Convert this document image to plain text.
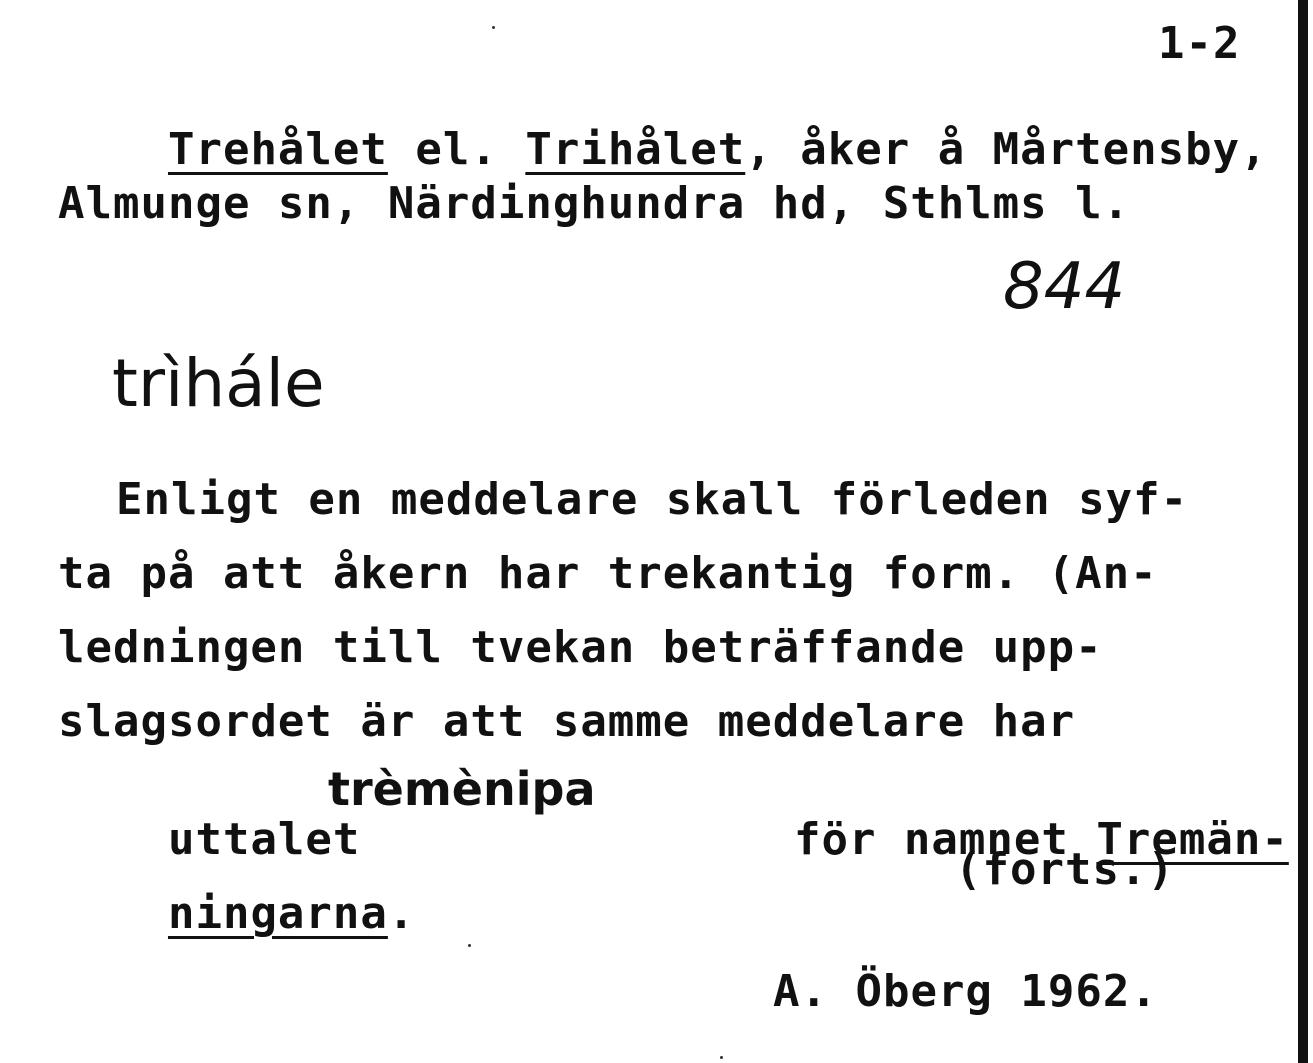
1-2

Trehålet el. Trihålet, åker å Mårtensby,

Almunge sn, Närdinghundra hd, Sthlms l.
844
trìhále
Enligt en meddelare skall förleden syf-
ta på att åkern har trekantig form. (An-
ledningen till tvekan beträffande upp-
slagsordet är att samme meddelare har

uttalet

trèmènipa

för namnet Tremän-

ningarna.

(forts.)
A. Öberg 1962.
